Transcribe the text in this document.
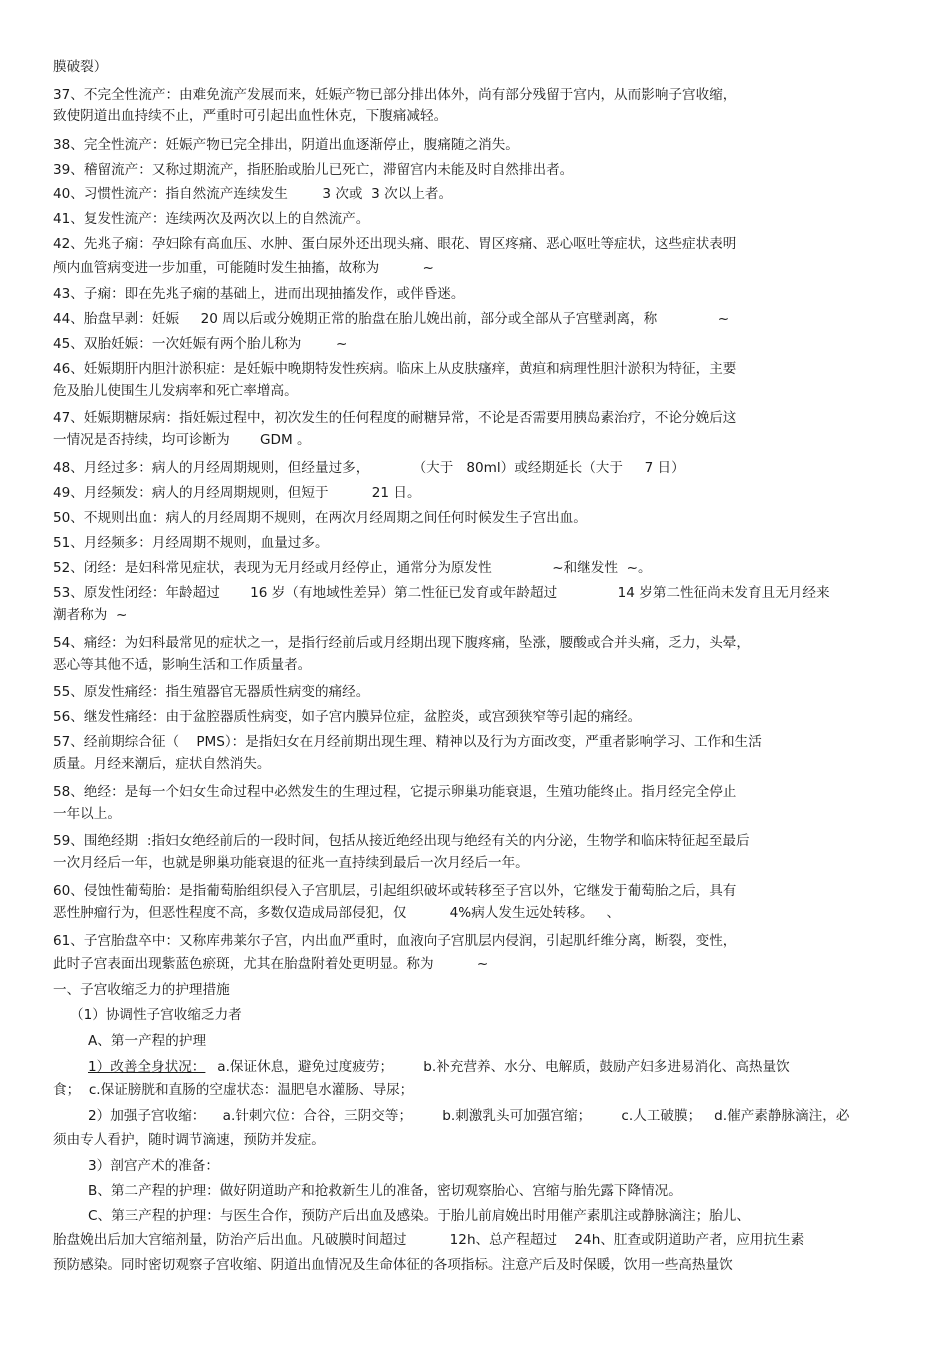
膜破裂）
37、不完全性流产：由难免流产发展而来，妊娠产物已部分排出体外，尚有部分残留于宫内，从而影响子宫收缩，
致使阴道出血持续不止，严重时可引起出血性休克，下腹痛减轻。
38、完全性流产：妊娠产物已完全排出，阴道出血逐渐停止，腹痛随之消失。
39、稽留流产：又称过期流产，指胚胎或胎儿已死亡，滞留宫内未能及时自然排出者。
40、习惯性流产：指自然流产连续发生        3 次或  3 次以上者。
41、复发性流产：连续两次及两次以上的自然流产。
42、先兆子痫：孕妇除有高血压、水肿、蛋白尿外还出现头痛、眼花、胃区疼痛、恶心呕吐等症状，这些症状表明
颅内血管病变进一步加重，可能随时发生抽搐，故称为          ~
43、子痫：即在先兆子痫的基础上，进而出现抽搐发作，或伴昏迷。
44、胎盘早剥：妊娠     20 周以后或分娩期正常的胎盘在胎儿娩出前，部分或全部从子宫壁剥离，称              ~
45、双胎妊娠：一次妊娠有两个胎儿称为        ~
46、妊娠期肝内胆汁淤积症：是妊娠中晚期特发性疾病。临床上从皮肤瘙痒，黄疸和病理性胆汁淤积为特征，主要
危及胎儿使围生儿发病率和死亡率增高。
47、妊娠期糖尿病：指妊娠过程中，初次发生的任何程度的耐糖异常，不论是否需要用胰岛素治疗，不论分娩后这
一情况是否持续，均可诊断为       GDM 。
48、月经过多：病人的月经周期规则，但经量过多，          （大于   80ml）或经期延长（大于     7 日）
49、月经频发：病人的月经周期规则，但短于          21 日。
50、不规则出血：病人的月经周期不规则，在两次月经周期之间任何时候发生子宫出血。
51、月经频多：月经周期不规则，血量过多。
52、闭经：是妇科常见症状，表现为无月经或月经停止，通常分为原发性              ~和继发性  ~。
53、原发性闭经：年龄超过       16 岁（有地域性差异）第二性征已发育或年龄超过              14 岁第二性征尚未发育且无月经来
潮者称为  ~
54、痛经：为妇科最常见的症状之一，是指行经前后或月经期出现下腹疼痛，坠涨，腰酸或合并头痛，乏力，头晕，
恶心等其他不适，影响生活和工作质量者。
55、原发性痛经：指生殖器官无器质性病变的痛经。
56、继发性痛经：由于盆腔器质性病变，如子宫内膜异位症，盆腔炎，或宫颈狭窄等引起的痛经。
57、经前期综合征（    PMS）：是指妇女在月经前期出现生理、精神以及行为方面改变，严重者影响学习、工作和生活
质量。月经来潮后，症状自然消失。
58、绝经：是每一个妇女生命过程中必然发生的生理过程，它提示卵巢功能衰退，生殖功能终止。指月经完全停止
一年以上。
59、围绝经期  :指妇女绝经前后的一段时间，包括从接近绝经出现与绝经有关的内分泌，生物学和临床特征起至最后
一次月经后一年，也就是卵巢功能衰退的征兆一直持续到最后一次月经后一年。
60、侵蚀性葡萄胎：是指葡萄胎组织侵入子宫肌层，引起组织破坏或转移至子宫以外，它继发于葡萄胎之后，具有
恶性肿瘤行为，但恶性程度不高，多数仅造成局部侵犯，仅          4%病人发生远处转移。   、
61、子宫胎盘卒中：又称库弗莱尔子宫，内出血严重时，血液向子宫肌层内侵润，引起肌纤维分离，断裂，变性，
此时子宫表面出现紫蓝色瘀斑，尤其在胎盘附着处更明显。称为          ~
一、子宫收缩乏力的护理措施
（1）协调性子宫收缩乏力者
A、第一产程的护理
1）改善全身状况：
a.保证休息，避免过度疲劳；       b.补充营养、水分、电解质，鼓励产妇多进易消化、高热量饮
食；  c.保证膀胱和直肠的空虚状态：温肥皂水灌肠、导尿；
2）加强子宫收缩：    a.针刺穴位：合谷，三阴交等；       b.刺激乳头可加强宫缩；       c.人工破膜；   d.催产素静脉滴注，必
须由专人看护，随时调节滴速，预防并发症。
3）剖宫产术的准备：
B、第二产程的护理：做好阴道助产和抢救新生儿的准备，密切观察胎心、宫缩与胎先露下降情况。
C、第三产程的护理：与医生合作，预防产后出血及感染。于胎儿前肩娩出时用催产素肌注或静脉滴注；胎儿、
胎盘娩出后加大宫缩剂量，防治产后出血。凡破膜时间超过          12h、总产程超过    24h、肛查或阴道助产者，应用抗生素
预防感染。同时密切观察子宫收缩、阴道出血情况及生命体征的各项指标。注意产后及时保暖，饮用一些高热量饮
